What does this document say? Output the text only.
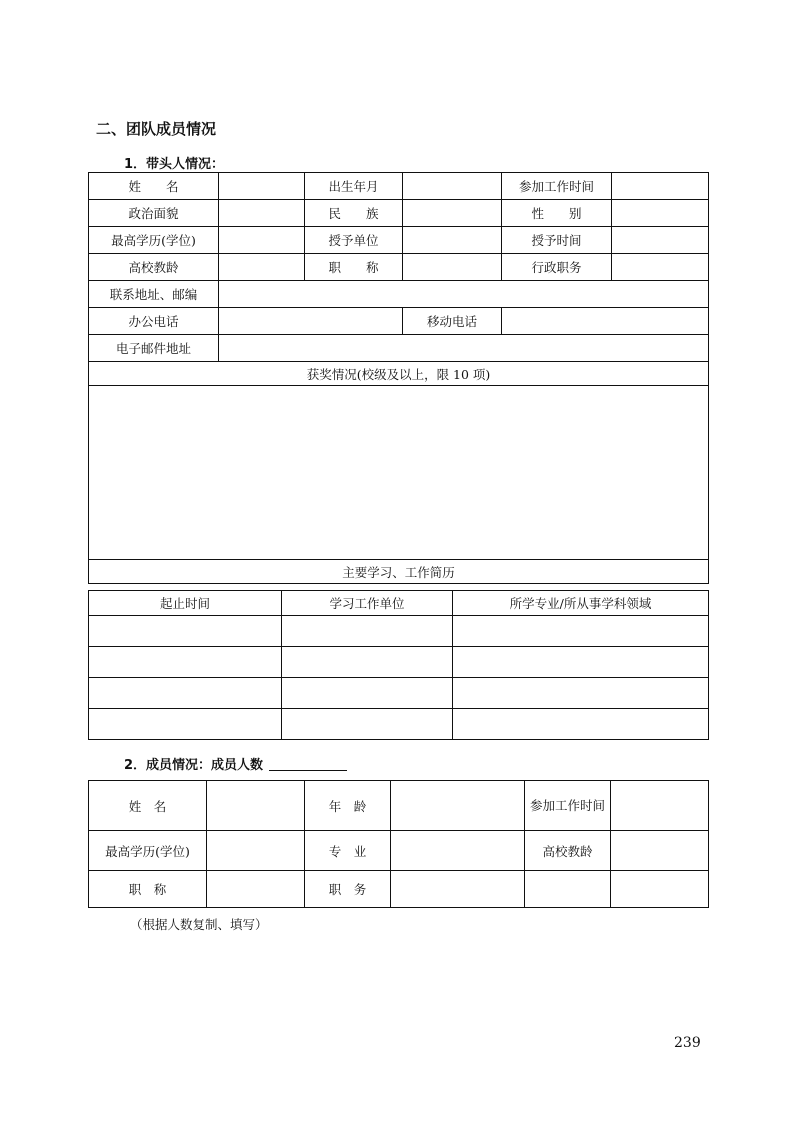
二、团队成员情况
1．带头人情况：
姓　　名		出生年月		参加工作时间	
政治面貌		民　　族		性　　别	
最高学历(学位)		授予单位		授予时间	
高校教龄		职　　称		行政职务	
联系地址、邮编					
办公电话			移动电话		
电子邮件地址					
获奖情况(校级及以上，限 10 项)					

主要学习、工作简历					
起止时间	学习工作单位	所学专业/所从事学科领域

2．成员情况：成员人数
姓　名		年　龄		参加工作时间	
最高学历(学位)		专　业		高校教龄	
职　称		职　务			
（根据人数复制、填写）
239
